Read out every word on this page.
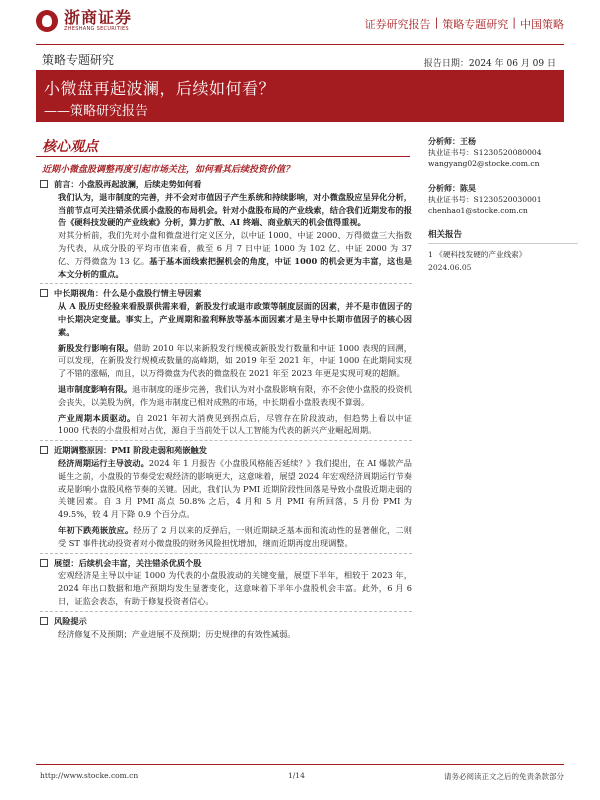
浙商证券
ZHESHANG SECURITIES	证券研究报告 | 策略专题研究 | 中国策略
策略专题研究	报告日期：2024 年 06 月 09 日
小微盘再起波澜，后续如何看？
——策略研究报告
核心观点
近期小微盘股调整再度引起市场关注，如何看其后续投资价值？
前言：小盘股再起波澜，后续走势如何看
我们认为，退市制度的完善，并不会对市值因子产生系统和持续影响，对小微盘股应呈异化分析，当前节点可关注错杀优质小盘股的布局机会。针对小盘股布局的产业线索，结合我们近期发布的报告《硬科技发硬的产业线索》分析，算力扩散、AI 终端、商业航天的机会值得重视。
对其分析前，我们先对小盘和微盘进行定义区分，以中证 1000、中证 2000、万得微盘三大指数为代表，从成分股的平均市值来看，截至 6 月 7 日中证 1000 为 102 亿、中证 2000 为 37 亿、万得微盘为 13 亿。基于基本面线索把握机会的角度，中证 1000 的机会更为丰富，这也是本文分析的重点。
中长期视角：什么是小盘股行情主导因素
从 A 股历史经验来看股票供需来看，新股发行或退市政策等制度层面的因素，并不是市值因子的中长期决定变量。事实上，产业周期和盈利释放等基本面因素才是主导中长期市值因子的核心因素。
新股发行影响有限。借助 2010 年以来新股发行规模或新股发行数量和中证 1000 表现的回溯，可以发现，在新股发行规模或数量的高峰期，如 2019 年至 2021 年，中证 1000 在此期间实现了不错的涨幅，而且，以万得微盘为代表的微盘股在 2021 年至 2023 年更是实现可观的超额。
退市制度影响有限。退市制度的逐步完善，我们认为对小盘股影响有限，亦不会使小盘股的投资机会丧失，以美股为例，作为退市制度已相对成熟的市场，中长期看小盘股表现不算弱。
产业周期本质驱动。自 2021 年初大消费见到拐点后，尽管存在阶段波动，但趋势上看以中证 1000 代表的小盘股相对占优，源自于当前处于以人工智能为代表的新兴产业崛起周期。
近期调整原因：PMI 阶段走弱和苑嵌触发
经济周期运行主导波动。2024 年 1 月报告《小盘股风格能否延续？》我们提出，在 AI 爆款产品诞生之前，小盘股的节奏受宏观经济的影响更大，这意味着，展望 2024 年宏观经济周期运行节奏或是影响小盘股风格节奏的关键。因此，我们认为 PMI 近期阶段性回落是导致小盘股近期走弱的关键因素。自 3 月 PMI 高点 50.8% 之后，4 月和 5 月 PMI 有所回落，5 月份 PMI 为 49.5%，较 4 月下降 0.9 个百分点。
年初下跌苑嵌放应。经历了 2 月以来的反弹后，一则近期缺乏基本面和流动性的显著催化，二则受 ST 事件扰动投资者对小微盘股的财务风险担忧增加，继而近期再度出现调整。
展望：后续机会丰富，关注错杀优质个股
宏观经济是主导以中证 1000 为代表的小盘股波动的关键变量，展望下半年，相较于 2023 年，2024 年出口数据和地产预期均发生显著变化，这意味着下半年小盘股机会丰富。此外，6 月 6 日，证监会表态，有助于修复投资者信心。
风险提示
经济修复不及预期；产业进展不及预期；历史规律的有效性减弱。
分析师：王杨
执业证书号：S1230520080004
wangyang02@stocke.com.cn
分析师：陈昊
执业证书号：S1230520030001
chenhao1@stocke.com.cn
相关报告
1 《硬科技发硬的产业线索》
2024.06.05
http://www.stocke.com.cn	1/14	请务必阅读正文之后的免责条款部分
